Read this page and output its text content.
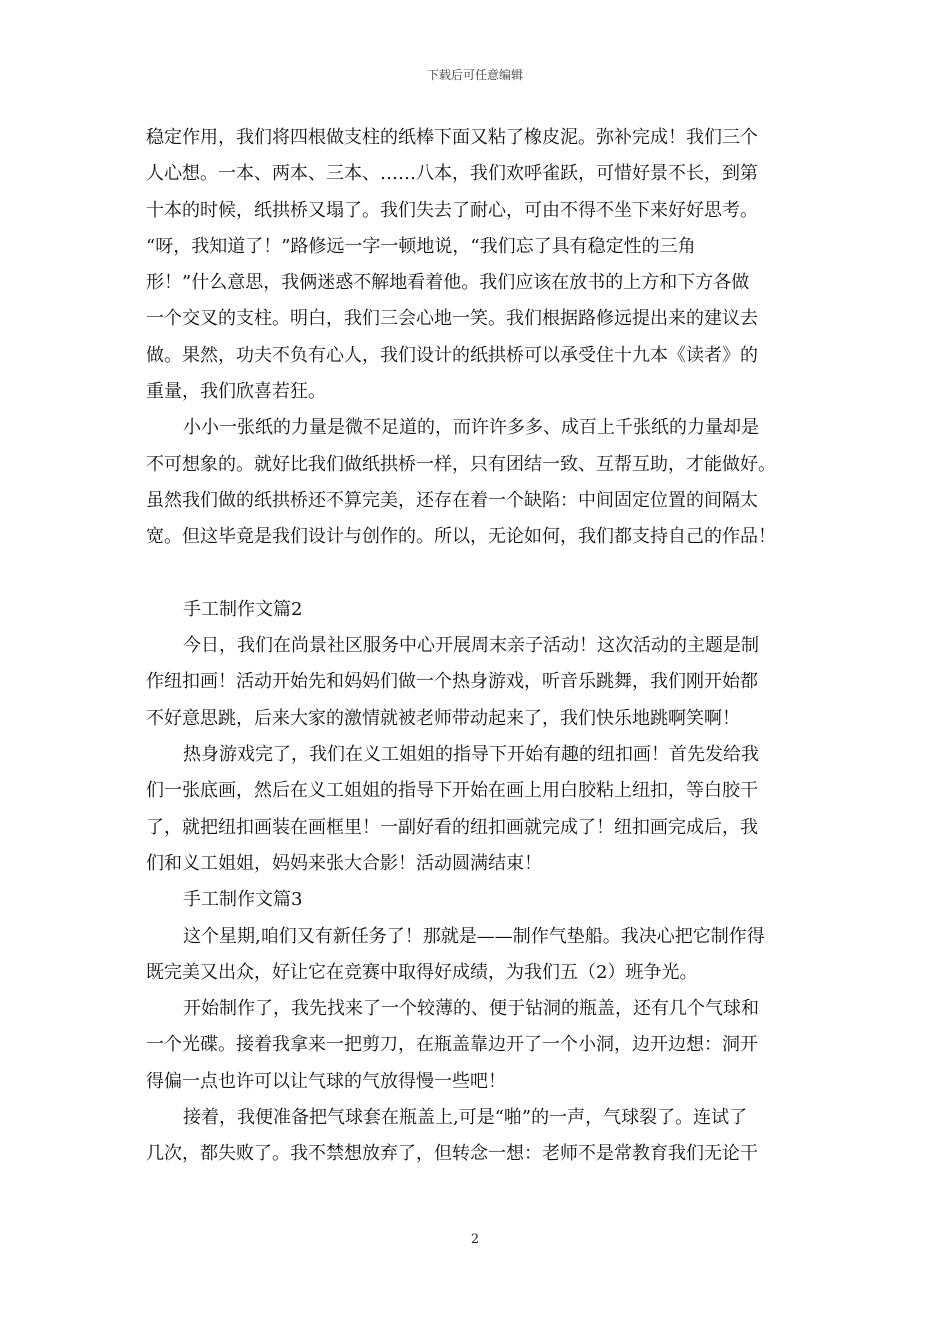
下载后可任意编辑
稳定作用，我们将四根做支柱的纸棒下面又粘了橡皮泥。弥补完成！我们三个
人心想。一本、两本、三本、……八本，我们欢呼雀跃，可惜好景不长，到第
十本的时候，纸拱桥又塌了。我们失去了耐心，可由不得不坐下来好好思考。
“呀，我知道了！”路修远一字一顿地说，“我们忘了具有稳定性的三角
形！”什么意思，我俩迷惑不解地看着他。我们应该在放书的上方和下方各做
一个交叉的支柱。明白，我们三会心地一笑。我们根据路修远提出来的建议去
做。果然，功夫不负有心人，我们设计的纸拱桥可以承受住十九本《读者》的
重量，我们欣喜若狂。
小小一张纸的力量是微不足道的，而许许多多、成百上千张纸的力量却是
不可想象的。就好比我们做纸拱桥一样，只有团结一致、互帮互助，才能做好。
虽然我们做的纸拱桥还不算完美，还存在着一个缺陷：中间固定位置的间隔太
宽。但这毕竟是我们设计与创作的。所以，无论如何，我们都支持自己的作品！
手工制作文篇2
今日，我们在尚景社区服务中心开展周末亲子活动！这次活动的主题是制
作纽扣画！活动开始先和妈妈们做一个热身游戏，听音乐跳舞，我们刚开始都
不好意思跳，后来大家的激情就被老师带动起来了，我们快乐地跳啊笑啊！
热身游戏完了，我们在义工姐姐的指导下开始有趣的纽扣画！首先发给我
们一张底画，然后在义工姐姐的指导下开始在画上用白胶粘上纽扣，等白胶干
了，就把纽扣画装在画框里！一副好看的纽扣画就完成了！纽扣画完成后，我
们和义工姐姐，妈妈来张大合影！活动圆满结束！
手工制作文篇3
这个星期,咱们又有新任务了！那就是——制作气垫船。我决心把它制作得
既完美又出众，好让它在竞赛中取得好成绩，为我们五（2）班争光。
开始制作了，我先找来了一个较薄的、便于钻洞的瓶盖，还有几个气球和
一个光碟。接着我拿来一把剪刀，在瓶盖靠边开了一个小洞，边开边想：洞开
得偏一点也许可以让气球的气放得慢一些吧！
接着，我便准备把气球套在瓶盖上,可是“啪”的一声，气球裂了。连试了
几次，都失败了。我不禁想放弃了，但转念一想：老师不是常教育我们无论干
2
